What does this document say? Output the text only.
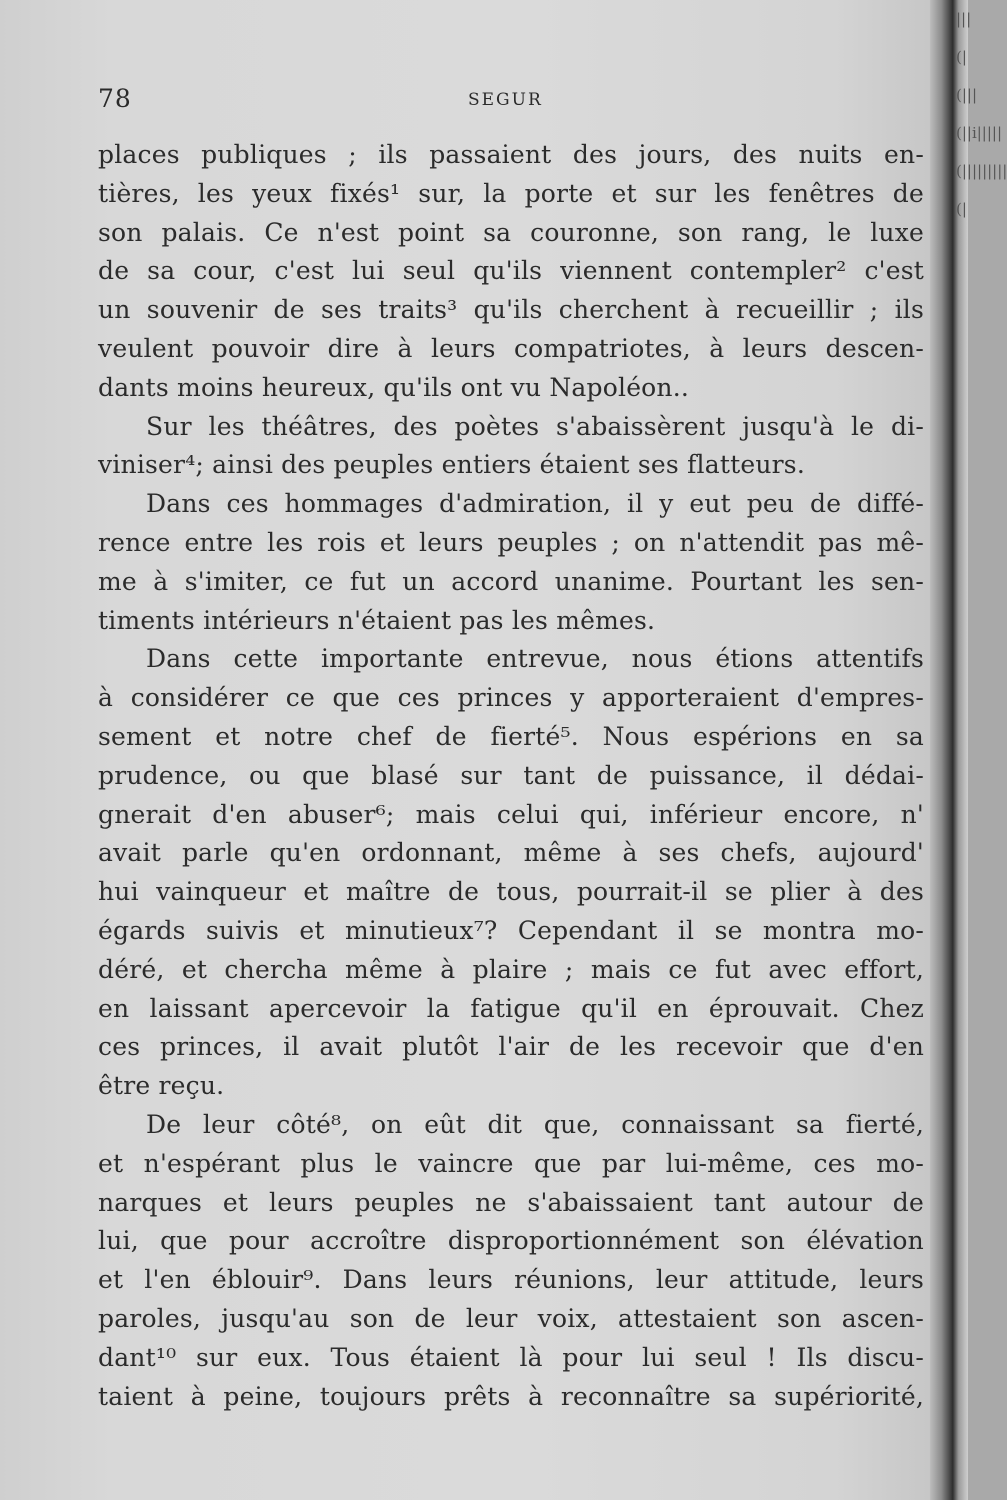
78	SEGUR
places publiques ; ils passaient des jours, des nuits en-
tières, les yeux fixés¹ sur, la porte et sur les fenêtres de
son palais. Ce n'est point sa couronne, son rang, le luxe
de sa cour, c'est lui seul qu'ils viennent contempler² c'est
un souvenir de ses traits³ qu'ils cherchent à recueillir ; ils
veulent pouvoir dire à leurs compatriotes, à leurs descen-
dants moins heureux, qu'ils ont vu Napoléon..
Sur les théâtres, des poètes s'abaissèrent jusqu'à le di-
viniser⁴; ainsi des peuples entiers étaient ses flatteurs.
Dans ces hommages d'admiration, il y eut peu de diffé-
rence entre les rois et leurs peuples ; on n'attendit pas mê-
me à s'imiter, ce fut un accord unanime. Pourtant les sen-
timents intérieurs n'étaient pas les mêmes.
Dans cette importante entrevue, nous étions attentifs
à considérer ce que ces princes y apporteraient d'empres-
sement et notre chef de fierté⁵. Nous espérions en sa
prudence, ou que blasé sur tant de puissance, il dédai-
gnerait d'en abuser⁶; mais celui qui, inférieur encore, n'
avait parle qu'en ordonnant, même à ses chefs, aujourd'
hui vainqueur et maître de tous, pourrait-il se plier à des
égards suivis et minutieux⁷? Cependant il se montra mo-
déré, et chercha même à plaire ; mais ce fut avec effort,
en laissant apercevoir la fatigue qu'il en éprouvait. Chez
ces princes, il avait plutôt l'air de les recevoir que d'en
être reçu.
De leur côté⁸, on eût dit que, connaissant sa fierté,
et n'espérant plus le vaincre que par lui-même, ces mo-
narques et leurs peuples ne s'abaissaient tant autour de
lui, que pour accroître disproportionnément son élévation
et l'en éblouir⁹. Dans leurs réunions, leur attitude, leurs
paroles, jusqu'au son de leur voix, attestaient son ascen-
dant¹⁰ sur eux. Tous étaient là pour lui seul ! Ils discu-
taient à peine, toujours prêts à reconnaître sa supériorité,
|||(|(|||(||i|||||(|||||||||(|
